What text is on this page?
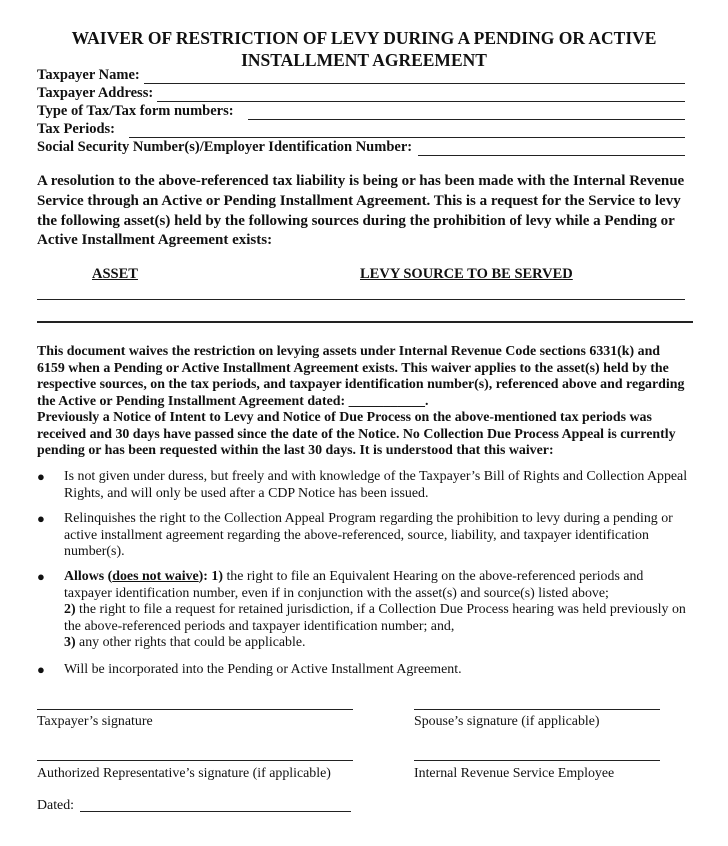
WAIVER OF RESTRICTION OF LEVY DURING A PENDING OR ACTIVE
INSTALLMENT AGREEMENT
Taxpayer Name:
Taxpayer Address:
Type of Tax/Tax form numbers:
Tax Periods:
Social Security Number(s)/Employer Identification Number:
A resolution to the above-referenced tax liability is being or has been made with the Internal Revenue Service through an Active or Pending Installment Agreement. This is a request for the Service to levy the following asset(s) held by the following sources during the prohibition of levy while a Pending or Active Installment Agreement exists:
ASSET	LEVY SOURCE TO BE SERVED
This document waives the restriction on levying assets under Internal Revenue Code sections 6331(k) and 6159 when a Pending or Active Installment Agreement exists. This waiver applies to the asset(s) held by the respective sources, on the tax periods, and taxpayer identification number(s), referenced above and regarding the Active or Pending Installment Agreement dated: ___________.
Previously a Notice of Intent to Levy and Notice of Due Process on the above-mentioned tax periods was received and 30 days have passed since the date of the Notice. No Collection Due Process Appeal is currently pending or has been requested within the last 30 days. It is understood that this waiver:
● Is not given under duress, but freely and with knowledge of the Taxpayer’s Bill of Rights and Collection Appeal Rights, and will only be used after a CDP Notice has been issued.
● Relinquishes the right to the Collection Appeal Program regarding the prohibition to levy during a pending or active installment agreement regarding the above-referenced, source, liability, and taxpayer identification number(s).
● Allows (does not waive): 1) the right to file an Equivalent Hearing on the above-referenced periods and taxpayer identification number, even if in conjunction with the asset(s) and source(s) listed above;
2) the right to file a request for retained jurisdiction, if a Collection Due Process hearing was held previously on the above-referenced periods and taxpayer identification number; and,
3) any other rights that could be applicable.
● Will be incorporated into the Pending or Active Installment Agreement.
Taxpayer’s signature	Spouse’s signature (if applicable)
Authorized Representative’s signature (if applicable)	Internal Revenue Service Employee
Dated:
